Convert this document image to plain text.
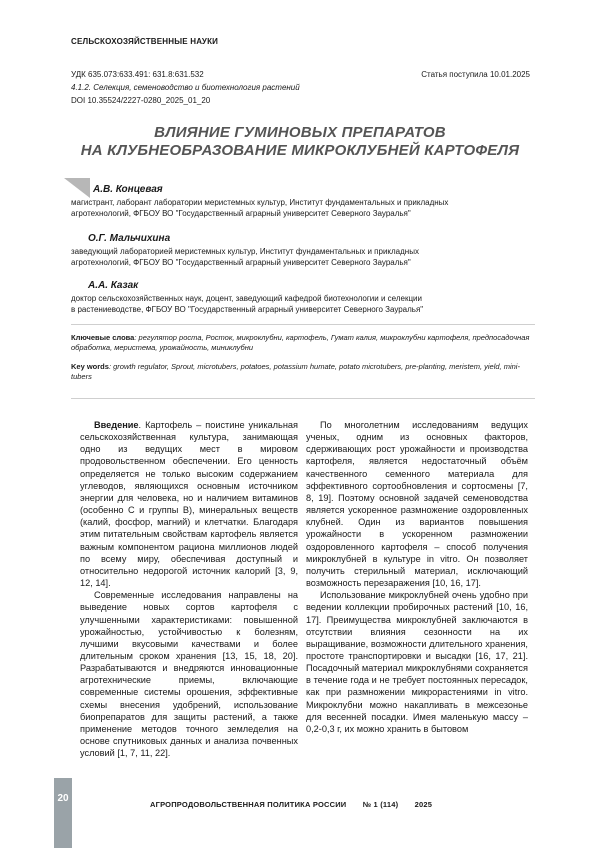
СЕЛЬСКОХОЗЯЙСТВЕННЫЕ НАУКИ
УДК 635.073:633.491: 631.8:631.532
4.1.2. Селекция, семеноводство и биотехнология растений
DOI 10.35524/2227-0280_2025_01_20
Статья поступила 10.01.2025
ВЛИЯНИЕ ГУМИНОВЫХ ПРЕПАРАТОВ
НА КЛУБНЕОБРАЗОВАНИЕ МИКРОКЛУБНЕЙ КАРТОФЕЛЯ
А.В. Концевая
магистрант, лаборант лаборатории меристемных культур, Институт фундаментальных и прикладных
агротехнологий, ФГБОУ ВО "Государственный аграрный университет Северного Зауралья"
О.Г. Мальчихина
заведующий лабораторией меристемных культур, Институт фундаментальных и прикладных
агротехнологий, ФГБОУ ВО "Государственный аграрный университет Северного Зауралья"
А.А. Казак
доктор сельскохозяйственных наук, доцент, заведующий кафедрой биотехнологии и селекции
в растениеводстве, ФГБОУ ВО "Государственный аграрный университет Северного Зауралья"
Ключевые слова: регулятор роста, Росток, микроклубни, картофель, Гумат калия, микроклубни картофеля, предпосадочная обработка, меристема, урожайность, миниклубни
Key words: growth regulator, Sprout, microtubers, potatoes, potassium humate, potato microtubers, pre-planting, meristem, yield, mini-tubers

Введение. Картофель – поистине уникальная сельскохозяйственная культура, занимающая одно из ведущих мест в мировом продовольственном обеспечении. Его ценность определяется не только высоким содержанием углеводов, являющихся основным источником энергии для человека, но и наличием витаминов (особенно С и группы В), минеральных веществ (калий, фосфор, магний) и клетчатки. Благодаря этим питательным свойствам картофель является важным компонентом рациона миллионов людей по всему миру, обеспечивая доступный и относительно недорогой источник калорий [3, 9, 12, 14].

Современные исследования направлены на выведение новых сортов картофеля с улучшенными характеристиками: повышенной урожайностью, устойчивостью к болезням, лучшими вкусовыми качествами и более длительным сроком хранения [13, 15, 18, 20]. Разрабатываются и внедряются инновационные агротехнические приемы, включающие современные системы орошения, эффективные схемы внесения удобрений, использование биопрепаратов для защиты растений, а также применение методов точного земледелия на основе спутниковых данных и анализа почвенных условий [1, 7, 11, 22].

По многолетним исследованиям ведущих ученых, одним из основных факторов, сдерживающих рост урожайности и производства картофеля, является недостаточный объём качественного семенного материала для эффективного сортообновления и сортосмены [7, 8, 19]. Поэтому основной задачей семеноводства является ускоренное размножение оздоровленных клубней. Один из вариантов повышения урожайности в ускоренном размножении оздоровленного картофеля – способ получения микроклубней в культуре in vitro. Он позволяет получить стерильный материал, исключающий возможность перезаражения [10, 16, 17].

Использование микроклубней очень удобно при ведении коллекции пробирочных растений [10, 16, 17]. Преимущества микроклубней заключаются в отсутствии влияния сезонности на их выращивание, возможности длительного хранения, простоте транспортировки и высадки [16, 17, 21]. Посадочный материал микроклубнями сохраняется в течение года и не требует постоянных пересадок, как при размножении микрорастениями in vitro. Микроклубни можно накапливать в межсезонье для весенней посадки. Имея маленькую массу – 0,2-0,3 г, их можно хранить в бытовом

20
АГРОПРОДОВОЛЬСТВЕННАЯ ПОЛИТИКА РОССИИ № 1 (114) 2025
